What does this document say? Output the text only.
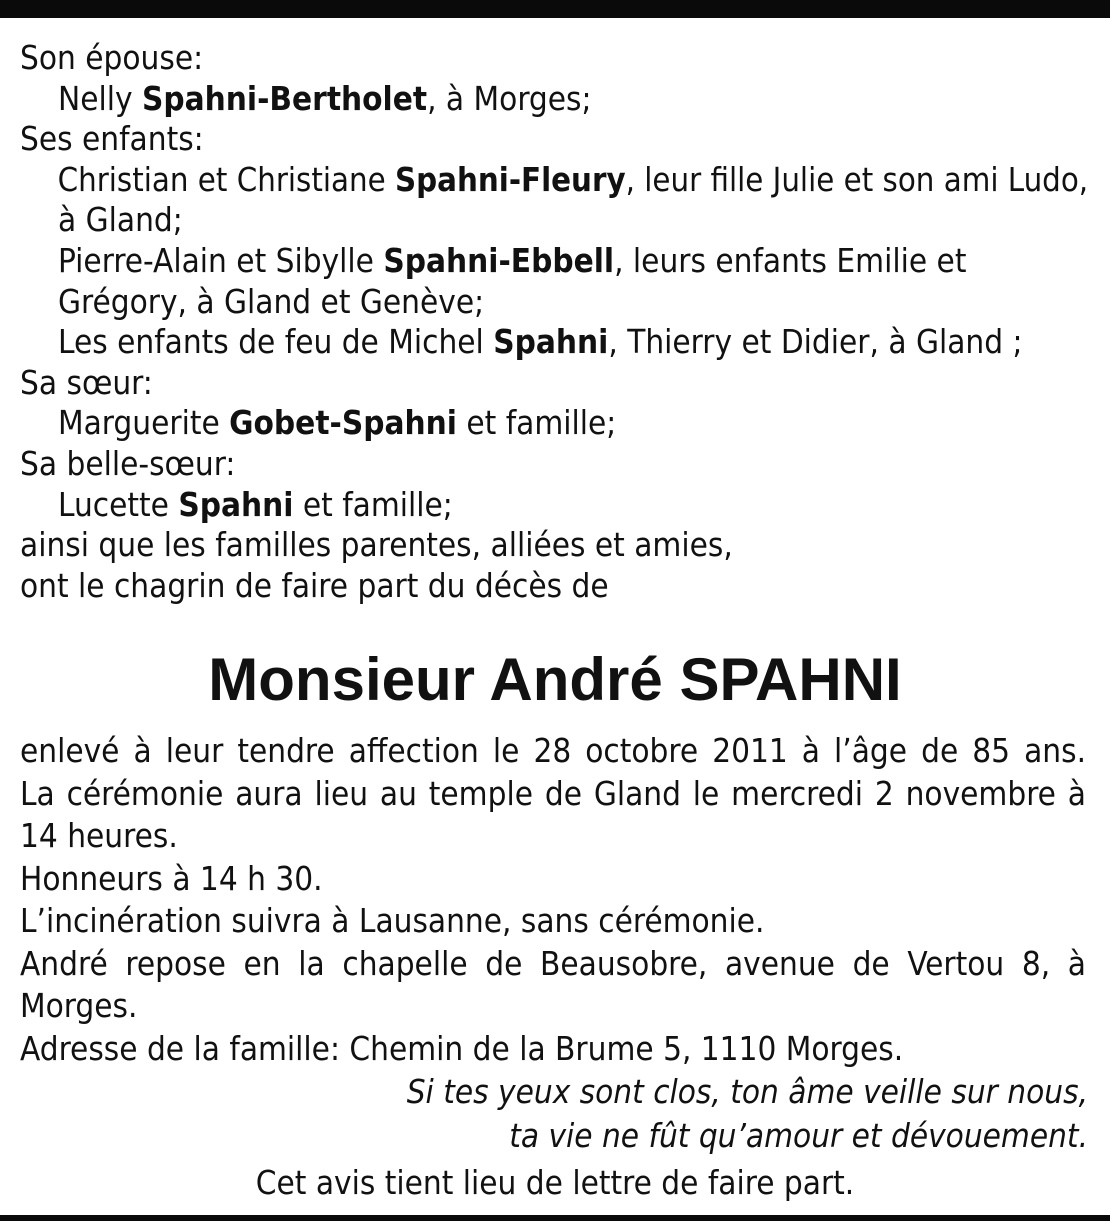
Son épouse:
Nelly Spahni-Bertholet, à Morges;
Ses enfants:
Christian et Christiane Spahni-Fleury, leur fille Julie et son ami Ludo,
à Gland;
Pierre-Alain et Sibylle Spahni-Ebbell, leurs enfants Emilie et
Grégory, à Gland et Genève;
Les enfants de feu de Michel Spahni, Thierry et Didier, à Gland ;
Sa sœur:
Marguerite Gobet-Spahni et famille;
Sa belle-sœur:
Lucette Spahni et famille;
ainsi que les familles parentes, alliées et amies,
ont le chagrin de faire part du décès de
Monsieur André SPAHNI
enlevé à leur tendre affection le 28 octobre 2011 à l’âge de 85 ans.
La cérémonie aura lieu au temple de Gland le mercredi 2 novembre à
14 heures.
Honneurs à 14 h 30.
L’incinération suivra à Lausanne, sans cérémonie.
André repose en la chapelle de Beausobre, avenue de Vertou 8, à
Morges.
Adresse de la famille: Chemin de la Brume 5, 1110 Morges.
Si tes yeux sont clos, ton âme veille sur nous,
ta vie ne fût qu’amour et dévouement.
Cet avis tient lieu de lettre de faire part.
